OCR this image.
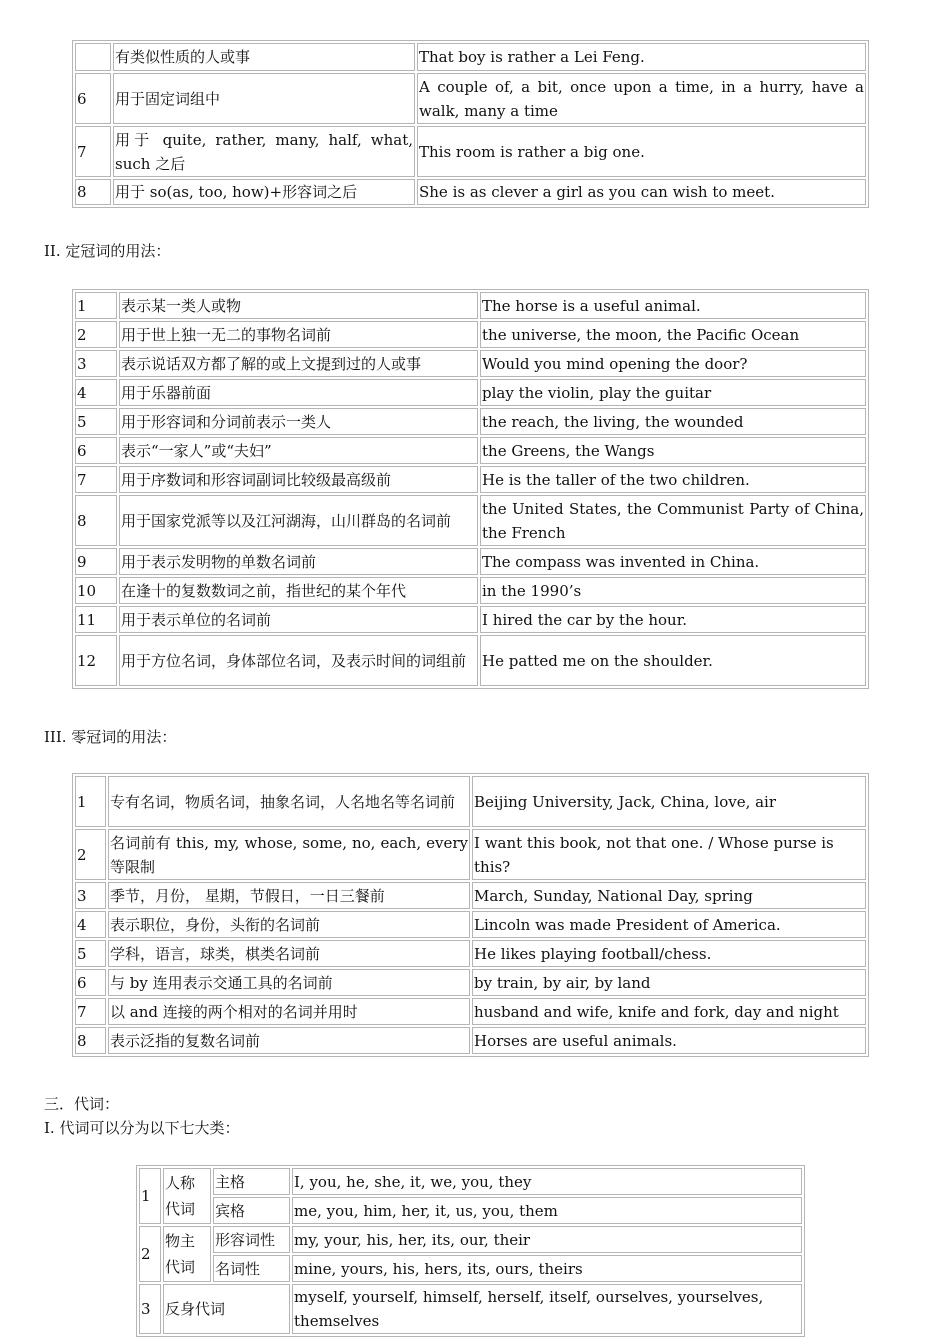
	有类似性质的人或事	That boy is rather a Lei Feng.
6	用于固定词组中	A couple of, a bit, once upon a time, in a hurry, have a walk, many a time
7	用于 quite, rather, many, half, what, such 之后	This room is rather a big one.
8	用于 so(as, too, how)+形容词之后	She is as clever a girl as you can wish to meet.
II. 定冠词的用法：
1	表示某一类人或物	The horse is a useful animal.
2	用于世上独一无二的事物名词前	the universe, the moon, the Pacific Ocean
3	表示说话双方都了解的或上文提到过的人或事	Would you mind opening the door?
4	用于乐器前面	play the violin, play the guitar
5	用于形容词和分词前表示一类人	the reach, the living, the wounded
6	表示“一家人”或“夫妇”	the Greens, the Wangs
7	用于序数词和形容词副词比较级最高级前	He is the taller of the two children.
8	用于国家党派等以及江河湖海，山川群岛的名词前	the United States, the Communist Party of China, the French
9	用于表示发明物的单数名词前	The compass was invented in China.
10	在逢十的复数数词之前，指世纪的某个年代	in the 1990’s
11	用于表示单位的名词前	I hired the car by the hour.
12	用于方位名词，身体部位名词，及表示时间的词组前	He patted me on the shoulder.
III. 零冠词的用法：
1	专有名词，物质名词，抽象名词，人名地名等名词前	Beijing University, Jack, China, love, air
2	名词前有 this, my, whose, some, no, each, every 等限制	I want this book, not that one. / Whose purse is this?
3	季节，月份， 星期，节假日，一日三餐前	March, Sunday, National Day, spring
4	表示职位，身份，头衔的名词前	Lincoln was made President of America.
5	学科，语言，球类，棋类名词前	He likes playing football/chess.
6	与 by 连用表示交通工具的名词前	by train, by air, by land
7	以 and 连接的两个相对的名词并用时	husband and wife, knife and fork, day and night
8	表示泛指的复数名词前	Horses are useful animals.
三．代词：
I. 代词可以分为以下七大类：
1	人称代词	主格	I, you, he, she, it, we, you, they
		宾格	me, you, him, her, it, us, you, them
2	物主代词	形容词性	my, your, his, her, its, our, their
		名词性	mine, yours, his, hers, its, ours, theirs
3	反身代词		myself, yourself, himself, herself, itself, ourselves, yourselves, themselves
